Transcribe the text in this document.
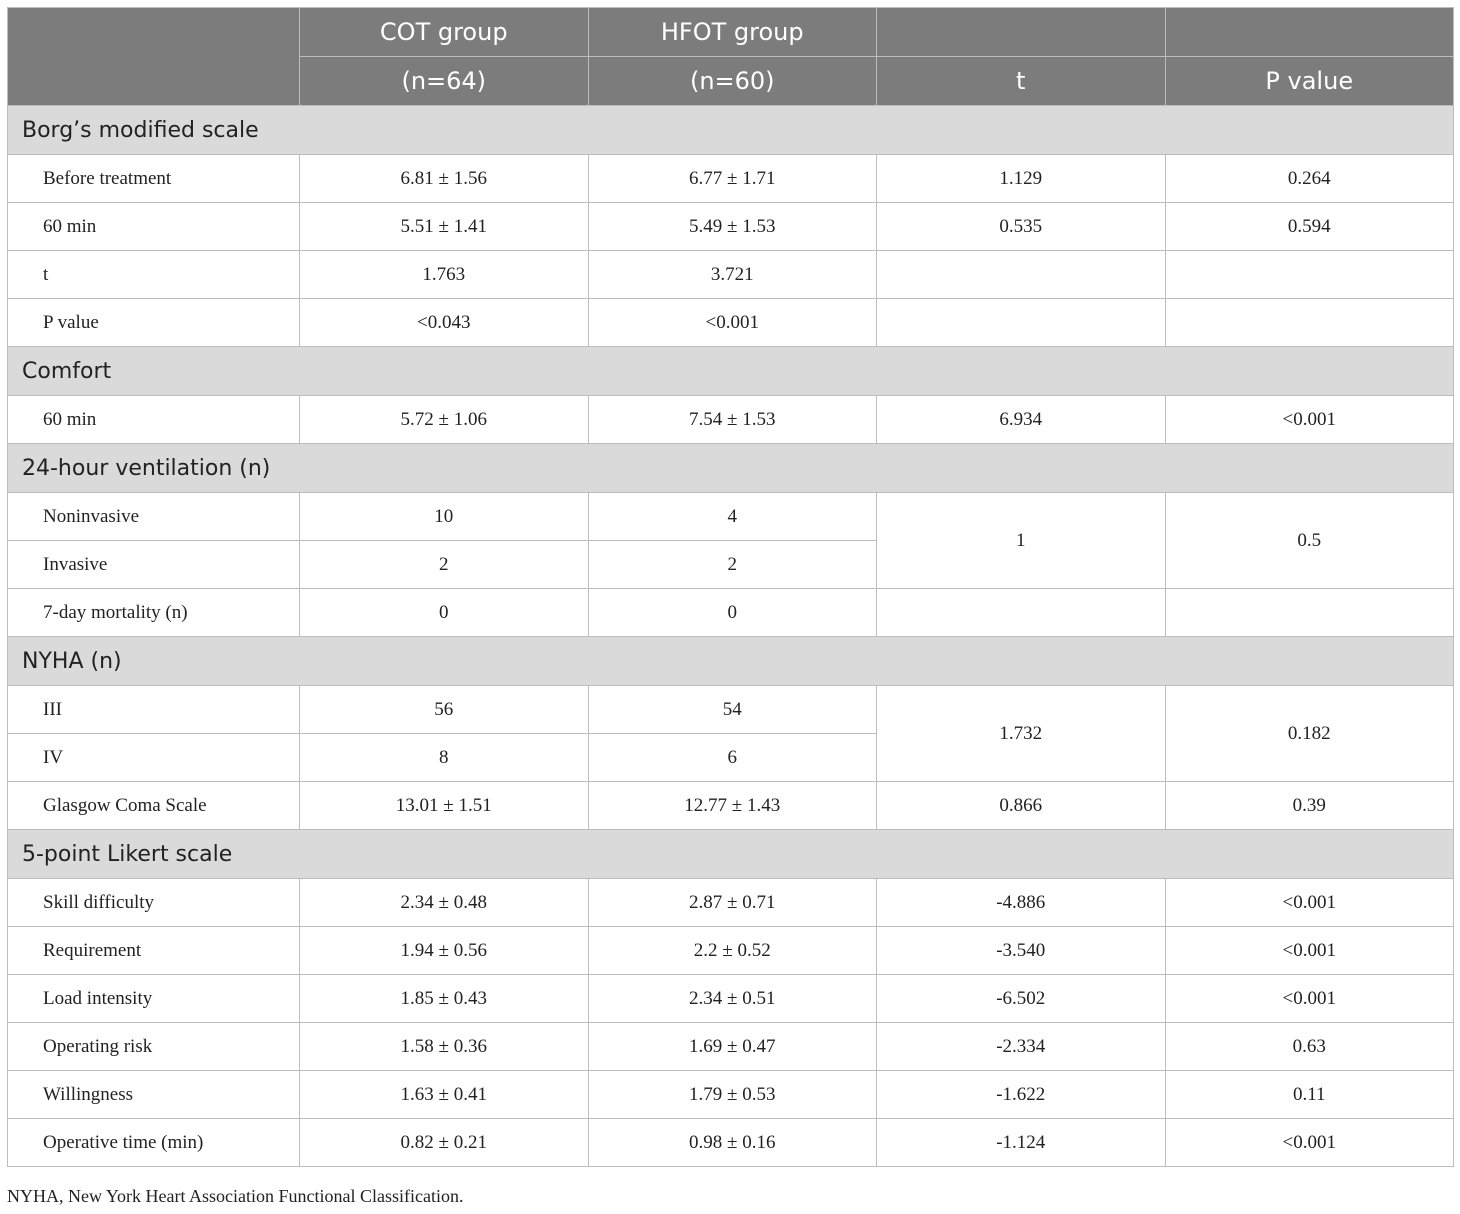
	COT group	HFOT group		
	(n=64)	(n=60)	t	P value
Borg’s modified scale				
Before treatment	6.81 ± 1.56	6.77 ± 1.71	1.129	0.264
60 min	5.51 ± 1.41	5.49 ± 1.53	0.535	0.594
t	1.763	3.721		
P value	<0.043	<0.001		
Comfort				
60 min	5.72 ± 1.06	7.54 ± 1.53	6.934	<0.001
24-hour ventilation (n)				
Noninvasive	10	4	1	0.5
Invasive	2	2		
7-day mortality (n)	0	0		
NYHA (n)				
III	56	54	1.732	0.182
IV	8	6		
Glasgow Coma Scale	13.01 ± 1.51	12.77 ± 1.43	0.866	0.39
5-point Likert scale				
Skill difficulty	2.34 ± 0.48	2.87 ± 0.71	-4.886	<0.001
Requirement	1.94 ± 0.56	2.2 ± 0.52	-3.540	<0.001
Load intensity	1.85 ± 0.43	2.34 ± 0.51	-6.502	<0.001
Operating risk	1.58 ± 0.36	1.69 ± 0.47	-2.334	0.63
Willingness	1.63 ± 0.41	1.79 ± 0.53	-1.622	0.11
Operative time (min)	0.82 ± 0.21	0.98 ± 0.16	-1.124	<0.001
NYHA, New York Heart Association Functional Classification.
